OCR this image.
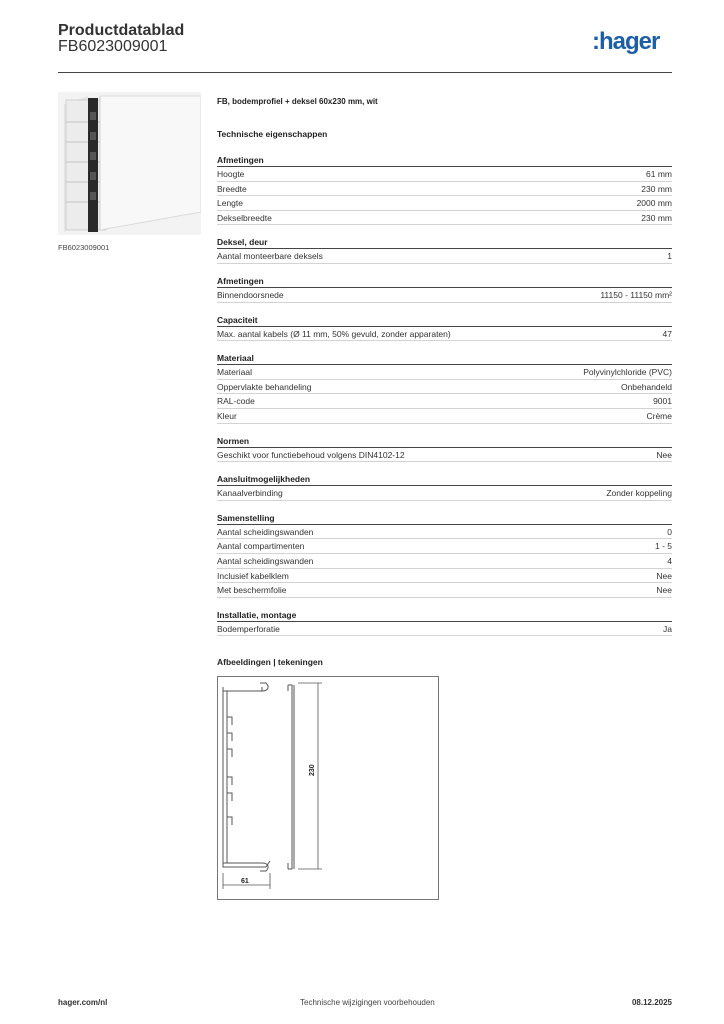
Productdatablad
FB6023009001	:hager
FB6023009001
FB, bodemprofiel + deksel 60x230 mm, wit
Technische eigenschappen
Afmetingen
Hoogte	61 mm
Breedte	230 mm
Lengte	2000 mm
Dekselbreedte	230 mm
Deksel, deur
Aantal monteerbare deksels	1
Afmetingen
Binnendoorsnede	11150 - 11150 mm²
Capaciteit
Max. aantal kabels (Ø 11 mm, 50% gevuld, zonder apparaten)	47
Materiaal
Materiaal	Polyvinylchloride (PVC)
Oppervlakte behandeling	Onbehandeld
RAL-code	9001
Kleur	Crème
Normen
Geschikt voor functiebehoud volgens DIN4102-12	Nee
Aansluitmogelijkheden
Kanaalverbinding	Zonder koppeling
Samenstelling
Aantal scheidingswanden	0
Aantal compartimenten	1 - 5
Aantal scheidingswanden	4
Inclusief kabelklem	Nee
Met beschermfolie	Nee
Installatie, montage
Bodemperforatie	Ja
Afbeeldingen | tekeningen
230
61
hager.com/nl	Technische wijzigingen voorbehouden	08.12.2025
